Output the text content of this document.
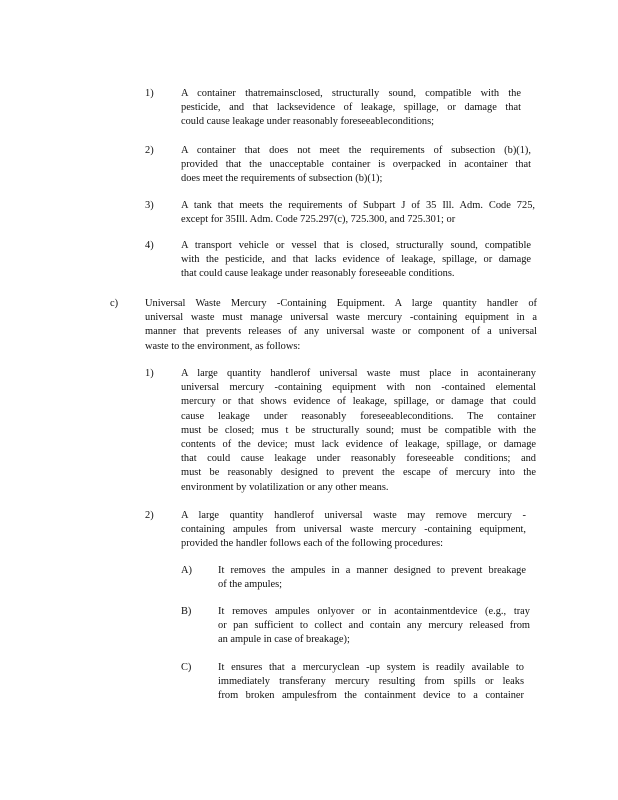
1)	A container thatremainsclosed, structurally sound, compatible with the
pesticide, and that lacksevidence of leakage, spillage, or damage that
could cause leakage under reasonably foreseeableconditions;
2)	A container that does not meet the requirements of subsection (b)(1),
provided that the unacceptable container is overpacked in acontainer that
does meet the requirements of subsection (b)(1);
3)	A tank that meets the requirements of Subpart J of 35 Ill. Adm. Code 725,
except for 35Ill. Adm. Code 725.297(c), 725.300, and 725.301; or
4)	A transport vehicle or vessel that is closed, structurally sound, compatible
with the pesticide, and that lacks evidence of leakage, spillage, or damage
that could cause leakage under reasonably foreseeable conditions.
c)	Universal Waste Mercury -Containing Equipment. A large quantity handler of
universal waste must manage universal waste mercury -containing equipment in a
manner that prevents releases of any universal waste or component of a universal
waste to the environment, as follows:
1)	A large quantity handlerof universal waste must place in acontainerany
universal mercury -containing equipment with non -contained elemental
mercury or that shows evidence of leakage, spillage, or damage that could
cause leakage under reasonably foreseeableconditions. The container
must be closed; mus t be structurally sound; must be compatible with the
contents of the device; must lack evidence of leakage, spillage, or damage
that could cause leakage under reasonably foreseeable conditions; and
must be reasonably designed to prevent the escape of mercury into the
environment by volatilization or any other means.
2)	A large quantity handlerof universal waste may remove mercury -
containing ampules from universal waste mercury -containing equipment,
provided the handler follows each of the following procedures:
A)	It removes the ampules in a manner designed to prevent breakage
of the ampules;
B)	It removes ampules onlyover or in acontainmentdevice (e.g., tray
or pan sufficient to collect and contain any mercury released from
an ampule in case of breakage);
C)	It ensures that a mercuryclean -up system is readily available to
immediately transferany mercury resulting from spills or leaks
from broken ampulesfrom the containment device to a container
